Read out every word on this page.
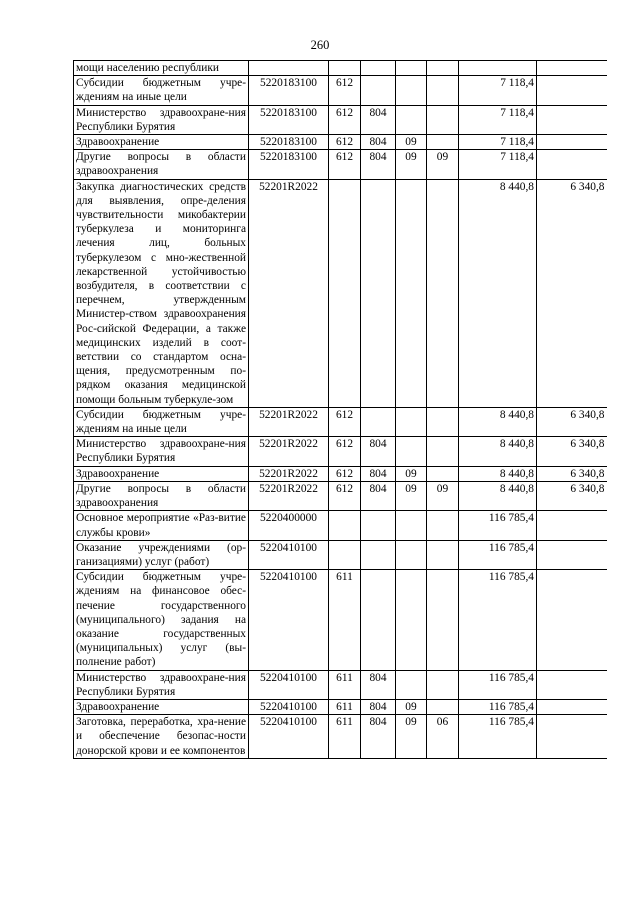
260
мощи населению республики							
Субсидии бюджетным учре-ждениям на иные цели	5220183100	612				7 118,4	
Министерство здравоохране-ния Республики Бурятия	5220183100	612	804			7 118,4	
Здравоохранение	5220183100	612	804	09		7 118,4	
Другие вопросы в области здравоохранения	5220183100	612	804	09	09	7 118,4	
Закупка диагностических средств для выявления, опре-деления чувствительности микобактерии туберкулеза и мониторинга лечения лиц, больных туберкулезом с мно-жественной лекарственной устойчивостью возбудителя, в соответствии с перечнем, утвержденным Министер-ством здравоохранения Рос-сийской Федерации, а также медицинских изделий в соот-ветствии со стандартом осна-щения, предусмотренным по-рядком оказания медицинской помощи больным туберкуле-зом	52201R2022					8 440,8	6 340,8
Субсидии бюджетным учре-ждениям на иные цели	52201R2022	612				8 440,8	6 340,8
Министерство здравоохране-ния Республики Бурятия	52201R2022	612	804			8 440,8	6 340,8
Здравоохранение	52201R2022	612	804	09		8 440,8	6 340,8
Другие вопросы в области здравоохранения	52201R2022	612	804	09	09	8 440,8	6 340,8
Основное мероприятие «Раз-витие службы крови»	5220400000					116 785,4	
Оказание учреждениями (ор-ганизациями) услуг (работ)	5220410100					116 785,4	
Субсидии бюджетным учре-ждениям на финансовое обес-печение государственного (муниципального) задания на оказание государственных (муниципальных) услуг (вы-полнение работ)	5220410100	611				116 785,4	
Министерство здравоохране-ния Республики Бурятия	5220410100	611	804			116 785,4	
Здравоохранение	5220410100	611	804	09		116 785,4	
Заготовка, переработка, хра-нение и обеспечение безопас-ности донорской крови и ее компонентов	5220410100	611	804	09	06	116 785,4	
